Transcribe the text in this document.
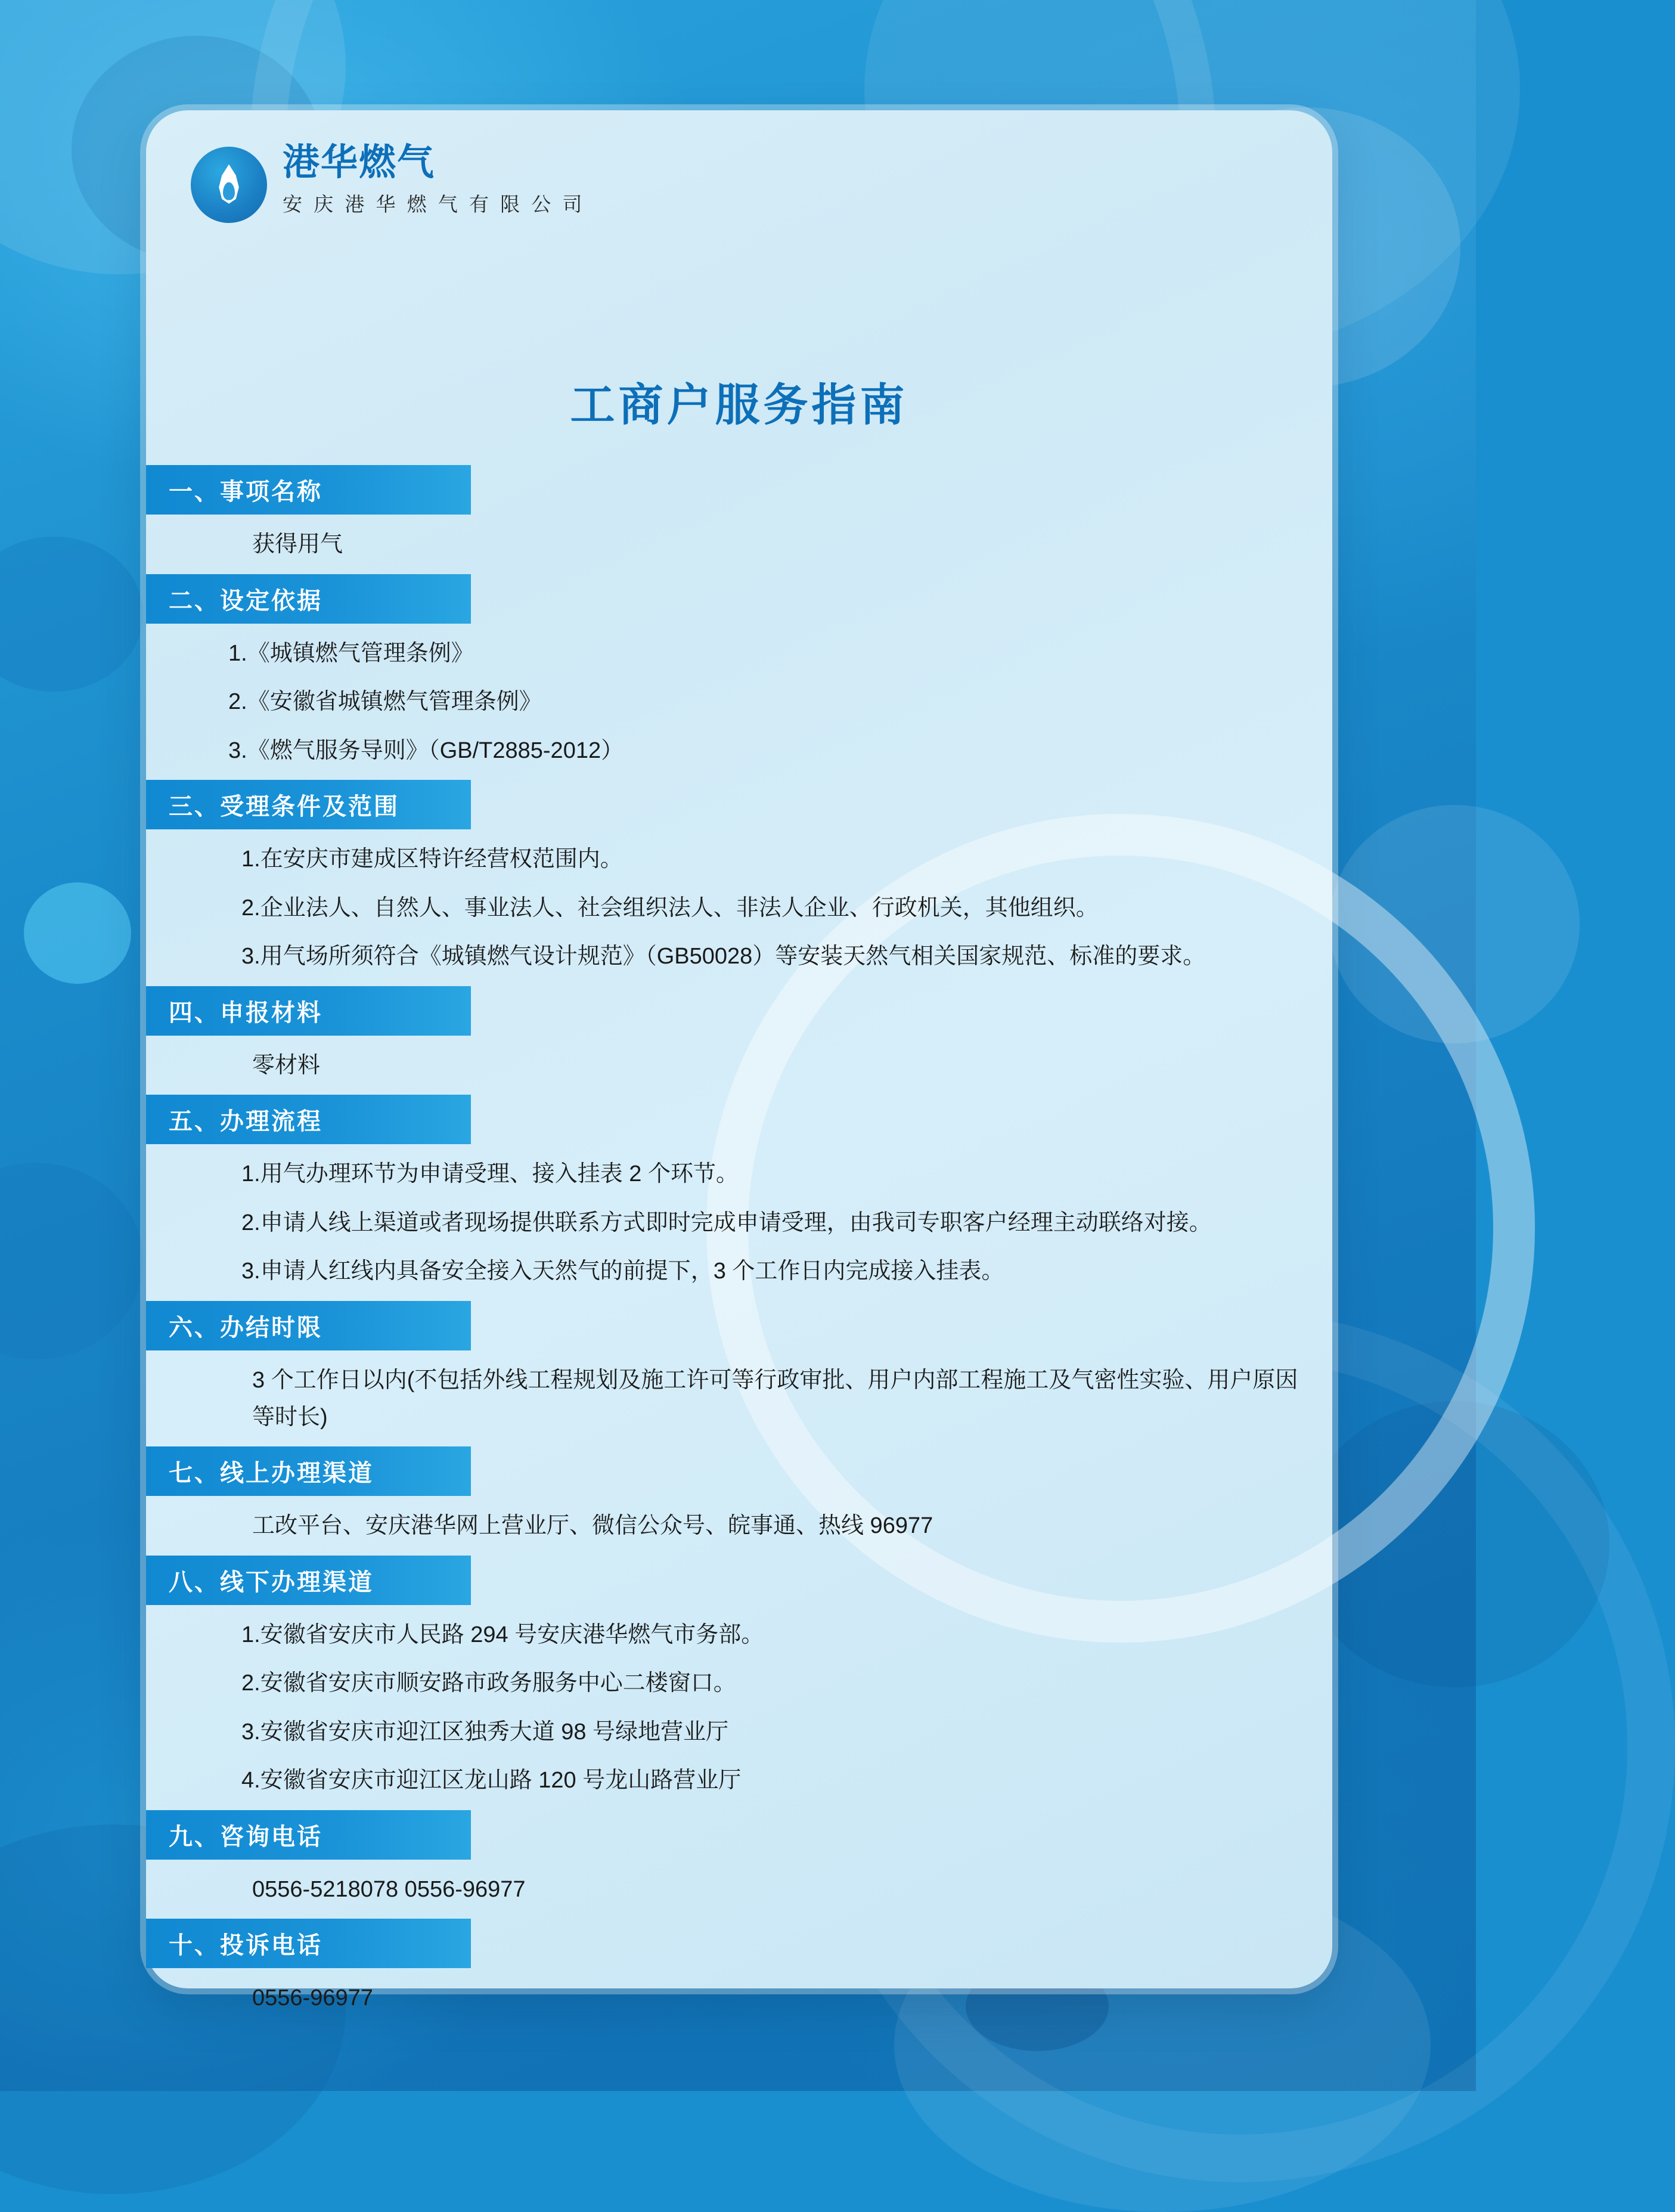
港华燃气
安 庆 港 华 燃 气 有 限 公 司
工商户服务指南
一、事项名称
获得用气
二、设定依据
1.《城镇燃气管理条例》
2.《安徽省城镇燃气管理条例》
3.《燃气服务导则》（GB/T2885-2012）
三、受理条件及范围
1.在安庆市建成区特许经营权范围内。
2.企业法人、自然人、事业法人、社会组织法人、非法人企业、行政机关，其他组织。
3.用气场所须符合《城镇燃气设计规范》（GB50028）等安装天然气相关国家规范、标准的要求。
四、申报材料
零材料
五、办理流程
1.用气办理环节为申请受理、接入挂表 2 个环节。
2.申请人线上渠道或者现场提供联系方式即时完成申请受理，由我司专职客户经理主动联络对接。
3.申请人红线内具备安全接入天然气的前提下，3 个工作日内完成接入挂表。
六、办结时限
3 个工作日以内(不包括外线工程规划及施工许可等行政审批、用户内部工程施工及气密性实验、用户原因等时长)
七、线上办理渠道
工改平台、安庆港华网上营业厅、微信公众号、皖事通、热线 96977
八、线下办理渠道
1.安徽省安庆市人民路 294 号安庆港华燃气市务部。
2.安徽省安庆市顺安路市政务服务中心二楼窗口。
3.安徽省安庆市迎江区独秀大道 98 号绿地营业厅
4.安徽省安庆市迎江区龙山路 120 号龙山路营业厅
九、咨询电话
0556-5218078 0556-96977
十、投诉电话
0556-96977
